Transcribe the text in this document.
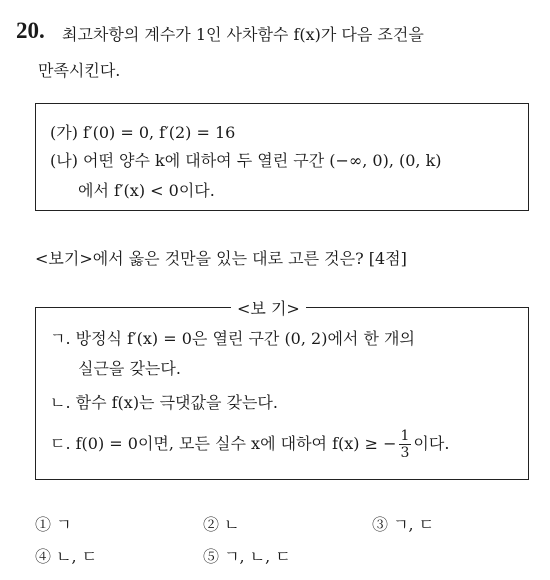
20. 최고차항의 계수가 1인 사차함수 f(x)가 다음 조건을
만족시킨다.
(가) f′(0) = 0, f′(2) = 16
(나) 어떤 양수 k에 대하여 두 열린 구간 (−∞, 0), (0, k)
에서 f′(x) < 0이다.
<보기>에서 옳은 것만을 있는 대로 고른 것은? [4점]
<보 기>
ㄱ. 방정식 f′(x) = 0은 열린 구간 (0, 2)에서 한 개의
실근을 갖는다.
ㄴ. 함수 f(x)는 극댓값을 갖는다.
ㄷ. f(0) = 0이면, 모든 실수 x에 대하여 f(x) ≥ − $\frac{1}{3}$ 이다.
① ㄱ	② ㄴ	③ ㄱ, ㄷ
④ ㄴ, ㄷ	⑤ ㄱ, ㄴ, ㄷ
